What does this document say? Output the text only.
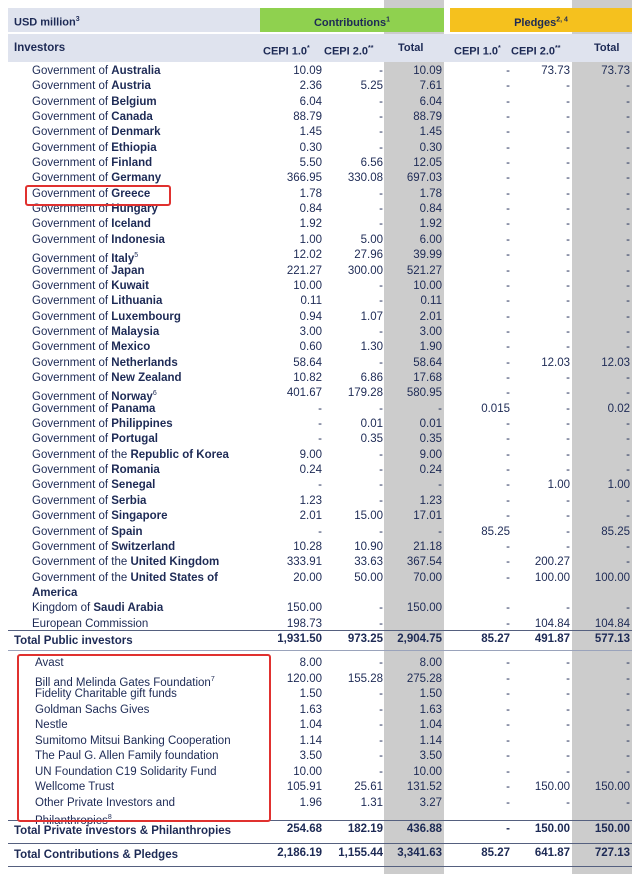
USD million$^3$	Contributions$^1$	Pledges$^{2, 4}$
Investors	CEPI 1.0* CEPI 2.0** Total	CEPI 1.0* CEPI 2.0**	Total
Government of Australia	10.09	-	10.09	-	73.73	73.73
Government of Austria	2.36	5.25	7.61	-	-	-
Government of Belgium	6.04	-	6.04	-	-	-
Government of Canada	88.79	-	88.79	-	-	-
Government of Denmark	1.45	-	1.45	-	-	-
Government of Ethiopia	0.30	-	0.30	-	-	-
Government of Finland	5.50	6.56	12.05	-	-	-
Government of Germany	366.95 330.08 697.03	-	-	-
Government of Greece	1.78	-	1.78	-	-	-
Government of Hungary	0.84	-	0.84	-	-	-
Government of Iceland	1.92	-	1.92	-	-	-
Government of Indonesia	1.00	5.00	6.00	-	-	-
Government of Italy$^5$	12.02	27.96	39.99	-	-	-
Government of Japan	221.27 300.00 521.27	-	-	-
Government of Kuwait	10.00	-	10.00	-	-	-
Government of Lithuania	0.11	-	0.11	-	-	-
Government of Luxembourg	0.94	1.07	2.01	-	-	-
Government of Malaysia	3.00	-	3.00	-	-	-
Government of Mexico	0.60	1.30	1.90	-	-	-
Government of Netherlands	58.64	-	58.64	-	12.03	12.03
Government of New Zealand	10.82	6.86	17.68	-	-	-
Government of Norway$^6$	401.67 179.28 580.95	-	-	-
Government of Panama	-	-	-	0.015	-	0.02
Government of Philippines	-	0.01	0.01	-	-	-
Government of Portugal	-	0.35	0.35	-	-	-
Government of the Republic of Korea	9.00	-	9.00	-	-	-
Government of Romania	0.24	-	0.24	-	-	-
Government of Senegal	-	-	-	-	1.00	1.00
Government of Serbia	1.23	-	1.23	-	-	-
Government of Singapore	2.01	15.00	17.01	-	-	-
Government of Spain	-	-	-	85.25	-	85.25
Government of Switzerland	10.28	10.90	21.18	-	-	-
Government of the United Kingdom	333.91	33.63 367.54	- 200.27	-
Government of the United States of	20.00	50.00	70.00	- 100.00 100.00
America
Kingdom of Saudi Arabia	150.00	- 150.00	-	-	-
European Commission	198.73	-	- 104.84 104.84
Total Public investors	1,931.50 973.25 2,904.75	85.27 491.87 577.13
Avast	8.00	-	8.00	-	-	-
Bill and Melinda Gates Foundation$^7$	120.00 155.28 275.28	-	-	-
Fidelity Charitable gift funds	1.50	-	1.50	-	-	-
Goldman Sachs Gives	1.63	-	1.63	-	-	-
Nestle	1.04	-	1.04	-	-	-
Sumitomo Mitsui Banking Cooperation	1.14	-	1.14	-	-	-
The Paul G. Allen Family foundation	3.50	-	3.50	-	-	-
UN Foundation C19 Solidarity Fund	10.00	-	10.00	-	-	-
Wellcome Trust	105.91	25.61 131.52	- 150.00 150.00
Other Private Investors and	1.96	1.31	3.27	-	-	-
Philanthropies$^8$
Total Private investors & Philanthropies	254.68 182.19 436.88	- 150.00 150.00
Total Contributions & Pledges	2,186.19 1,155.44 3,341.63	85.27 641.87 727.13
